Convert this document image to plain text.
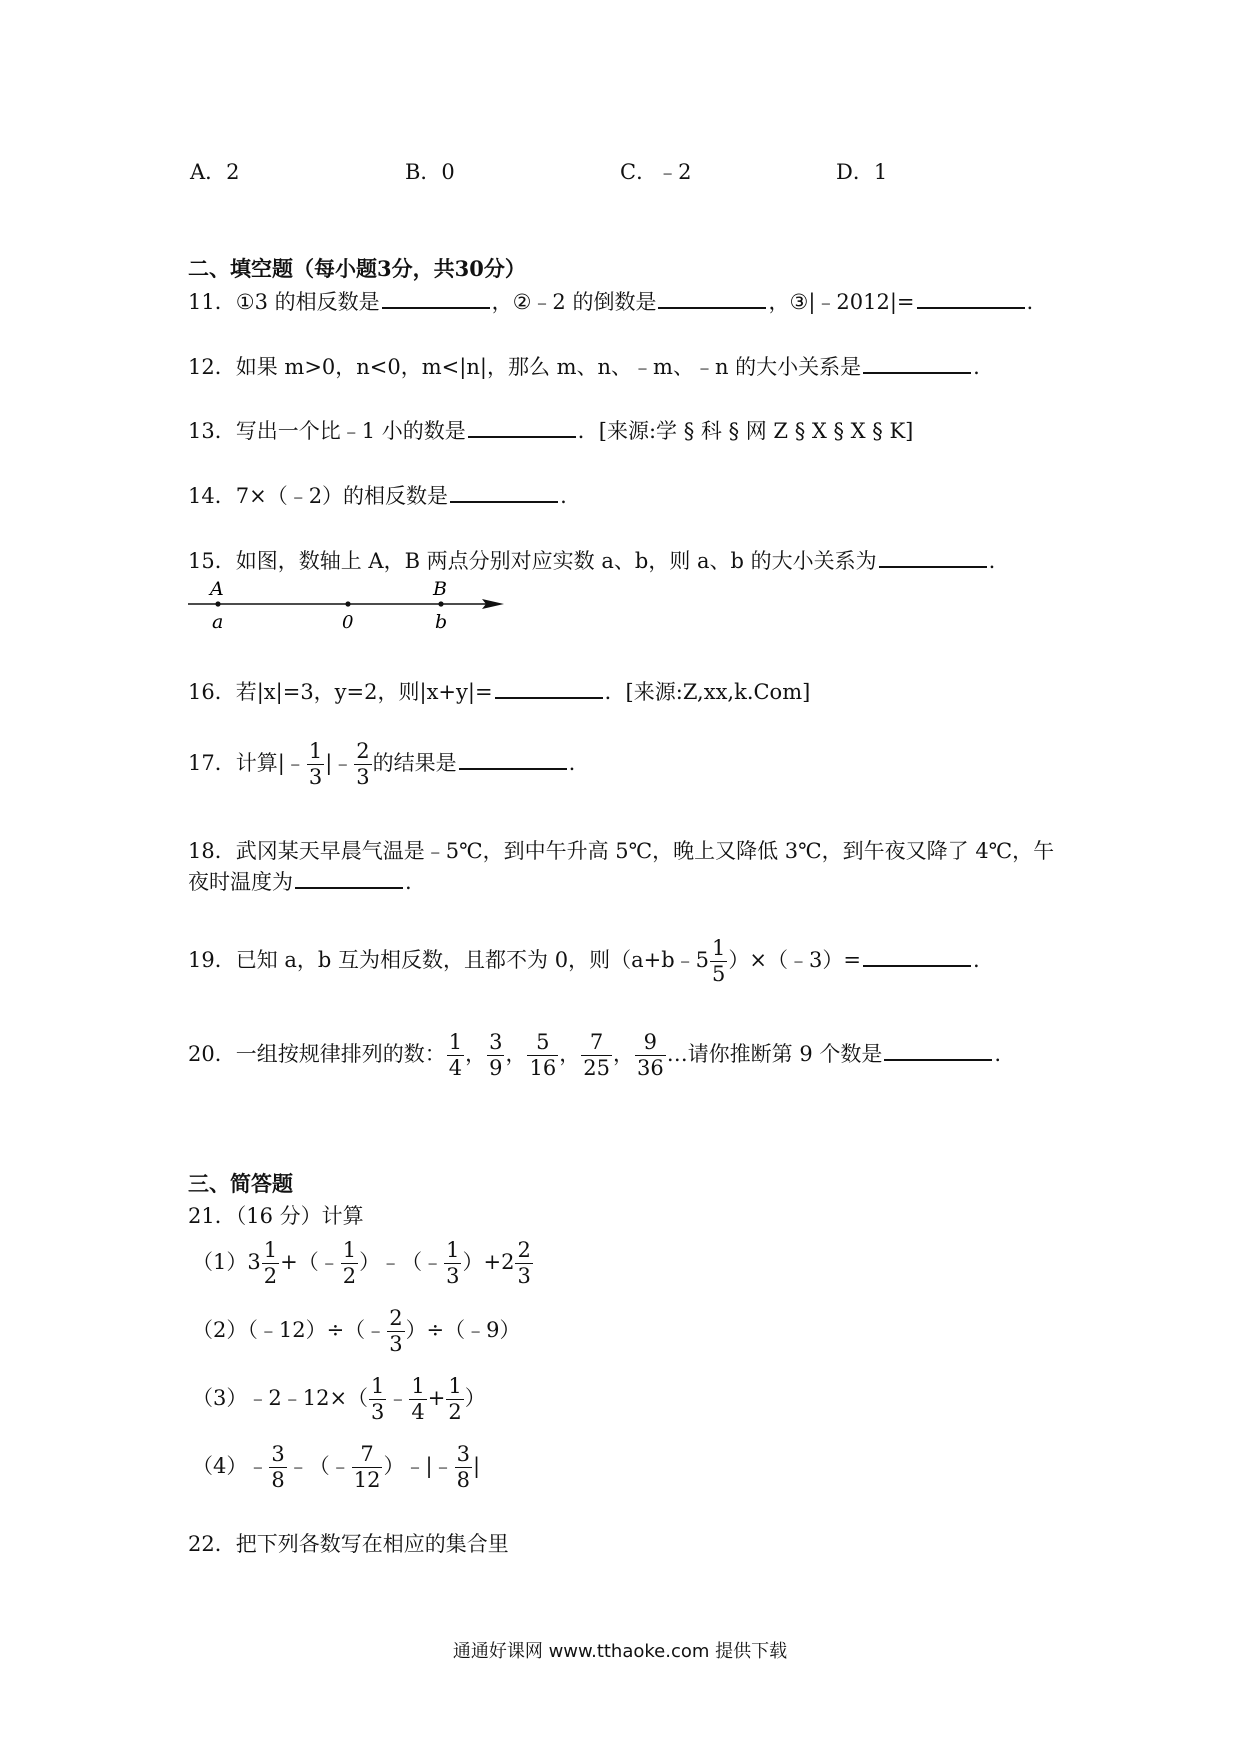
A．2	B．0	C．﹣2	D．1
二、填空题（每小题3分，共30分）
11．①3 的相反数是	，②﹣2 的倒数是	，③|﹣2012|=	.
12．如果 m>0，n<0，m<|n|，那么 m、n、﹣m、﹣n 的大小关系是	.
13．写出一个比﹣1 小的数是	．[来源:学 § 科 § 网 Z § X § X § K]
14．7×（﹣2）的相反数是	.
15．如图，数轴上 A，B 两点分别对应实数 a、b，则 a、b 的大小关系为	.
A	B
a	0	b
16．若|x|=3，y=2，则|x+y|=	．[来源:Z,xx,k.Com]
17．计算|﹣ $\frac{1}{3}$ |﹣ $\frac{2}{3}$ 的结果是	.
18．武冈某天早晨气温是﹣5℃，到中午升高 5℃，晚上又降低 3℃，到午夜又降了 4℃，午
夜时温度为	.
19．已知 a，b 互为相反数，且都不为 0，则（a+b﹣5 $\frac{1}{5}$ ）×（﹣3）=	.
20．一组按规律排列的数： $\frac{1}{4}$ ， $\frac{3}{9}$ ， $\frac{5}{16}$ ， $\frac{7}{25}$ ， $\frac{9}{36}$ …请你推断第 9 个数是	.
三、简答题
21．（16 分）计算
$(1)3 \frac{1}{2}$ +（﹣ $\frac{1}{2}$ ）﹣（﹣ $\frac{1}{3} )+2 \frac{2}{3}$
（2）（﹣12）÷（﹣ $\frac{2}{3}$ ）÷（﹣9）
（3）﹣2﹣12×（ $\frac{1}{3}$ ﹣ $\frac{1}{4} + \frac{1}{2}$ ）
（4）﹣ $\frac{3}{8}$ ﹣（﹣ $\frac{7}{12}$ ）﹣|﹣ $\frac{3}{8}$ |
22．把下列各数写在相应的集合里
通通好课网 www.tthaoke.com 提供下载
